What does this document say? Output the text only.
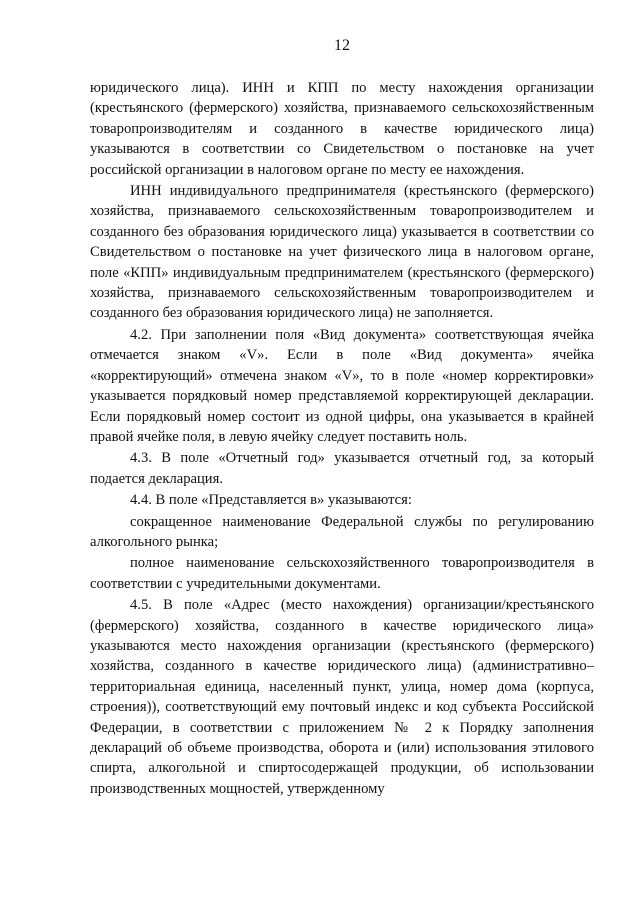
12

юридического лица). ИНН и КПП по месту нахождения организации (крестьянского (фермерского) хозяйства, признаваемого сельскохозяйственным товаропроизводителям и созданного в качестве юридического лица) указываются в соответствии со Свидетельством о постановке на учет российской организации в налоговом органе по месту ее нахождения.

ИНН индивидуального предпринимателя (крестьянского (фермерского) хозяйства, признаваемого сельскохозяйственным товаропроизводителем и созданного без образования юридического лица) указывается в соответствии со Свидетельством о постановке на учет физического лица в налоговом органе, поле «КПП» индивидуальным предпринимателем (крестьянского (фермерского) хозяйства, признаваемого сельскохозяйственным товаропроизводителем и созданного без образования юридического лица) не заполняется.

4.2. При заполнении поля «Вид документа» соответствующая ячейка отмечается знаком «V». Если в поле «Вид документа» ячейка «корректирующий» отмечена знаком «V», то в поле «номер корректировки» указывается порядковый номер представляемой корректирующей декларации. Если порядковый номер состоит из одной цифры, она указывается в крайней правой ячейке поля, в левую ячейку следует поставить ноль.

4.3. В поле «Отчетный год» указывается отчетный год, за который подается декларация.

4.4. В поле «Представляется в» указываются:

сокращенное наименование Федеральной службы по регулированию алкогольного рынка;

полное наименование сельскохозяйственного товаропроизводителя в соответствии с учредительными документами.

4.5. В поле «Адрес (место нахождения) организации/крестьянского (фермерского) хозяйства, созданного в качестве юридического лица» указываются место нахождения организации (крестьянского (фермерского) хозяйства, созданного в качестве юридического лица) (административно–территориальная единица, населенный пункт, улица, номер дома (корпуса, строения)), соответствующий ему почтовый индекс и код субъекта Российской Федерации, в соответствии с приложением № 2 к Порядку заполнения деклараций об объеме производства, оборота и (или) использования этилового спирта, алкогольной и спиртосодержащей продукции, об использовании производственных мощностей, утвержденному
